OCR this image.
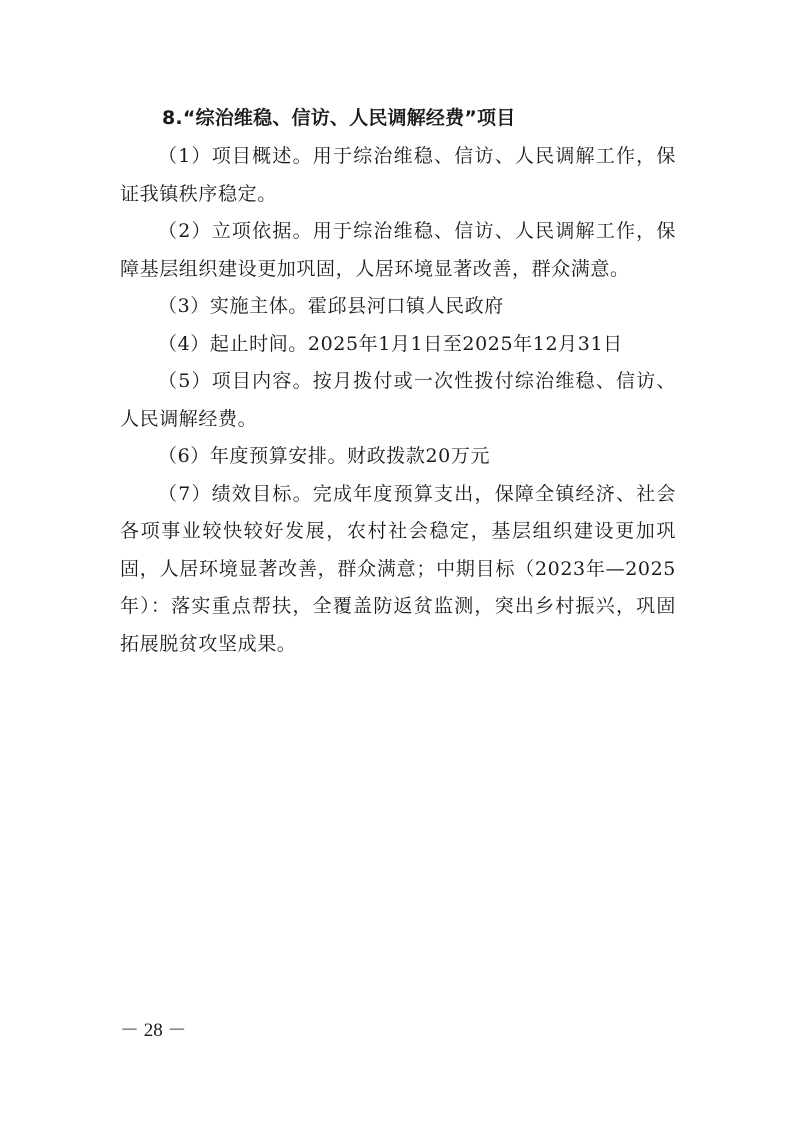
8.“综治维稳、信访、人民调解经费”项目

（1）项目概述。用于综治维稳、信访、人民调解工作，保证我镇秩序稳定。

（2）立项依据。用于综治维稳、信访、人民调解工作，保障基层组织建设更加巩固，人居环境显著改善，群众满意。

（3）实施主体。霍邱县河口镇人民政府

（4）起止时间。2025年1月1日至2025年12月31日

（5）项目内容。按月拨付或一次性拨付综治维稳、信访、人民调解经费。

（6）年度预算安排。财政拨款20万元

（7）绩效目标。完成年度预算支出，保障全镇经济、社会各项事业较快较好发展，农村社会稳定，基层组织建设更加巩固，人居环境显著改善，群众满意；中期目标（2023年—2025年）：落实重点帮扶，全覆盖防返贫监测，突出乡村振兴，巩固拓展脱贫攻坚成果。

－ 28 －
